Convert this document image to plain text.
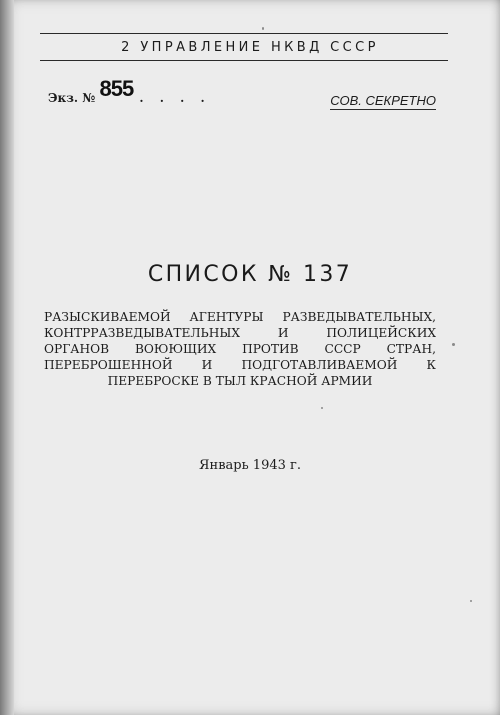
2 УПРАВЛЕНИЕ НКВД СССР
Экз. № 855 . . . .	СОВ. СЕКРЕТНО
СПИСОК № 137
РАЗЫСКИВАЕМОЙ АГЕНТУРЫ РАЗВЕДЫВАТЕЛЬНЫХ, КОНТРРАЗВЕДЫВАТЕЛЬНЫХ И ПОЛИЦЕЙСКИХ ОРГАНОВ ВОЮЮЩИХ ПРОТИВ СССР СТРАН, ПЕРЕБРОШЕННОЙ И ПОДГОТАВЛИВАЕМОЙ К ПЕРЕБРОСКЕ В ТЫЛ КРАСНОЙ АРМИИ
Январь 1943 г.
